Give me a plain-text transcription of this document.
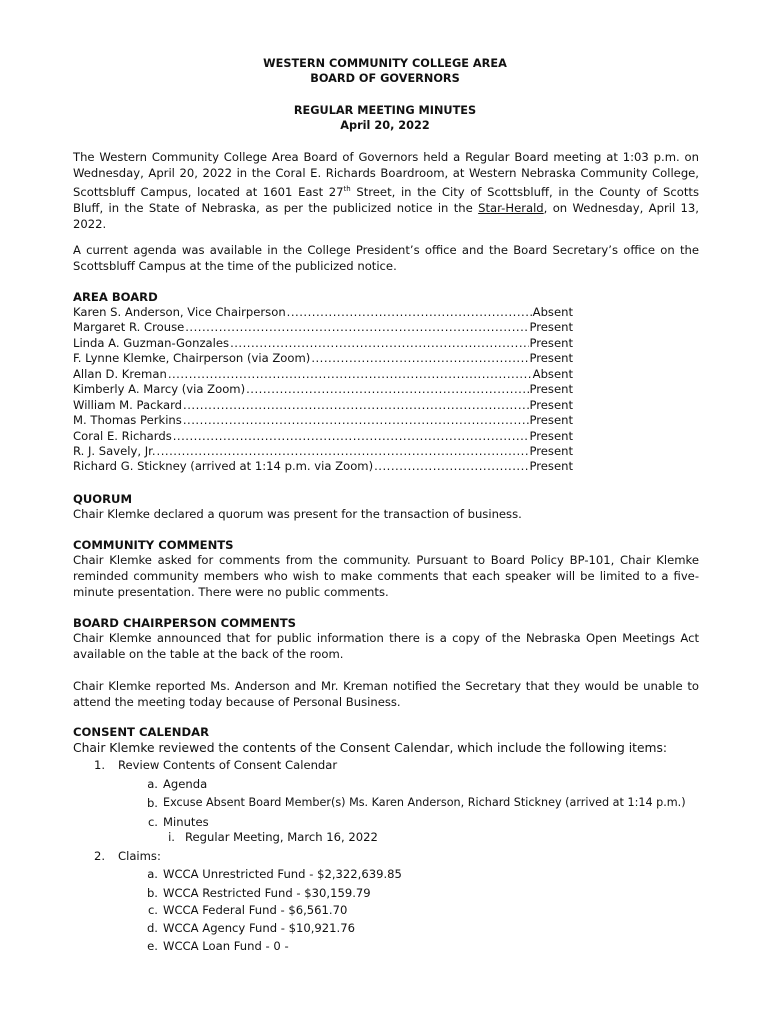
WESTERN COMMUNITY COLLEGE AREA
BOARD OF GOVERNORS
REGULAR MEETING MINUTES
April 20, 2022
The Western Community College Area Board of Governors held a Regular Board meeting at 1:03 p.m. on Wednesday, April 20, 2022 in the Coral E. Richards Boardroom, at Western Nebraska Community College, Scottsbluff Campus, located at 1601 East 27th Street, in the City of Scottsbluff, in the County of Scotts Bluff, in the State of Nebraska, as per the publicized notice in the Star-Herald, on Wednesday, April 13, 2022.
A current agenda was available in the College President’s office and the Board Secretary’s office on the Scottsbluff Campus at the time of the publicized notice.
AREA BOARD
Karen S. Anderson, Vice Chairperson .....	Absent
Margaret R. Crouse .....	Present
Linda A. Guzman-Gonzales .....	Present
F. Lynne Klemke, Chairperson (via Zoom) .....	Present
Allan D. Kreman .....	Absent
Kimberly A. Marcy (via Zoom) .....	Present
William M. Packard .....	Present
M. Thomas Perkins .....	Present
Coral E. Richards .....	Present
R. J. Savely, Jr. .....	Present
Richard G. Stickney (arrived at 1:14 p.m. via Zoom) .....	Present
QUORUM
Chair Klemke declared a quorum was present for the transaction of business.
COMMUNITY COMMENTS
Chair Klemke asked for comments from the community. Pursuant to Board Policy BP-101, Chair Klemke reminded community members who wish to make comments that each speaker will be limited to a five-minute presentation. There were no public comments.
BOARD CHAIRPERSON COMMENTS
Chair Klemke announced that for public information there is a copy of the Nebraska Open Meetings Act available on the table at the back of the room.
Chair Klemke reported Ms. Anderson and Mr. Kreman notified the Secretary that they would be unable to attend the meeting today because of Personal Business.
CONSENT CALENDAR
Chair Klemke reviewed the contents of the Consent Calendar, which include the following items:
1. Review Contents of Consent Calendar
a. Agenda
b. Excuse Absent Board Member(s) Ms. Karen Anderson, Richard Stickney (arrived at 1:14 p.m.)
c. Minutes
i. Regular Meeting, March 16, 2022
2. Claims:
a. WCCA Unrestricted Fund - $2,322,639.85
b. WCCA Restricted Fund - $30,159.79
c. WCCA Federal Fund - $6,561.70
d. WCCA Agency Fund - $10,921.76
e. WCCA Loan Fund - 0 -
